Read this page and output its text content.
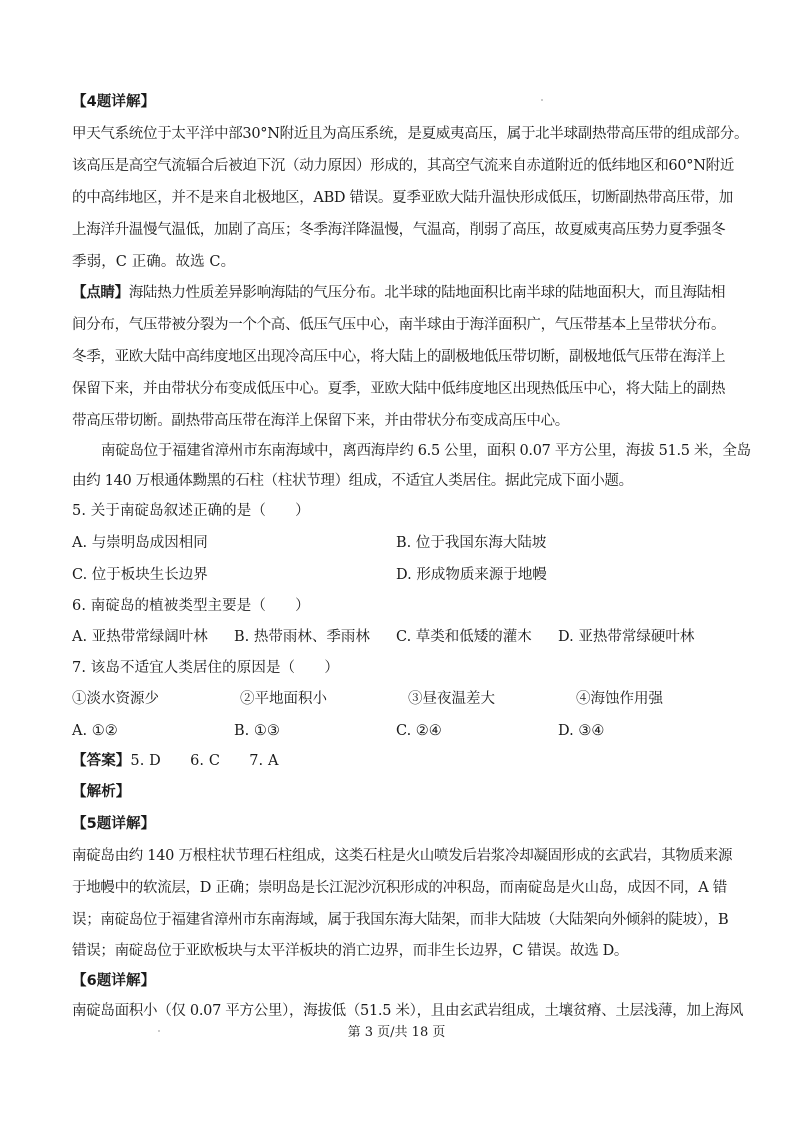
【4题详解】
甲天气系统位于太平洋中部30°N附近且为高压系统，是夏威夷高压，属于北半球副热带高压带的组成部分。
该高压是高空气流辐合后被迫下沉（动力原因）形成的，其高空气流来自赤道附近的低纬地区和60°N附近
的中高纬地区，并不是来自北极地区，ABD 错误。夏季亚欧大陆升温快形成低压，切断副热带高压带，加
上海洋升温慢气温低，加剧了高压；冬季海洋降温慢，气温高，削弱了高压，故夏威夷高压势力夏季强冬
季弱，C 正确。故选 C。
【点睛】海陆热力性质差异影响海陆的气压分布。北半球的陆地面积比南半球的陆地面积大，而且海陆相
间分布，气压带被分裂为一个个高、低压气压中心，南半球由于海洋面积广，气压带基本上呈带状分布。
冬季，亚欧大陆中高纬度地区出现冷高压中心，将大陆上的副极地低压带切断，副极地低气压带在海洋上
保留下来，并由带状分布变成低压中心。夏季，亚欧大陆中低纬度地区出现热低压中心，将大陆上的副热
带高压带切断。副热带高压带在海洋上保留下来，并由带状分布变成高压中心。
南碇岛位于福建省漳州市东南海域中，离西海岸约 6.5 公里，面积 0.07 平方公里，海拔 51.5 米，全岛
由约 140 万根通体黝黑的石柱（柱状节理）组成，不适宜人类居住。据此完成下面小题。
5. 关于南碇岛叙述正确的是（　　）
A. 与崇明岛成因相同	B. 位于我国东海大陆坡
C. 位于板块生长边界	D. 形成物质来源于地幔
6. 南碇岛的植被类型主要是（　　）
A. 亚热带常绿阔叶林 B. 热带雨林、季雨林 C. 草类和低矮的灌木 D. 亚热带常绿硬叶林
7. 该岛不适宜人类居住的原因是（　　）
①淡水资源少	②平地面积小	③昼夜温差大	④海蚀作用强
A. ①②	B. ①③	C. ②④	D. ③④
【答案】5. D　　6. C　　7. A
【解析】
【5题详解】
南碇岛由约 140 万根柱状节理石柱组成，这类石柱是火山喷发后岩浆冷却凝固形成的玄武岩，其物质来源
于地幔中的软流层，D 正确；崇明岛是长江泥沙沉积形成的冲积岛，而南碇岛是火山岛，成因不同，A 错
误；南碇岛位于福建省漳州市东南海域，属于我国东海大陆架，而非大陆坡（大陆架向外倾斜的陡坡），B
错误；南碇岛位于亚欧板块与太平洋板块的消亡边界，而非生长边界，C 错误。故选 D。
【6题详解】
南碇岛面积小（仅 0.07 平方公里），海拔低（51.5 米），且由玄武岩组成，土壤贫瘠、土层浅薄，加上海风
第 3 页/共 18 页
